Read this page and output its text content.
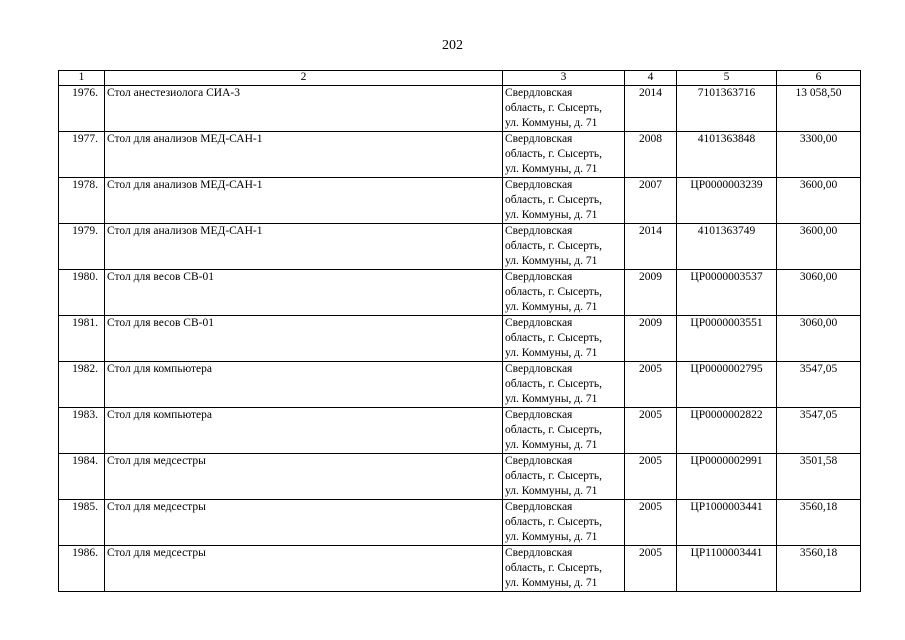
202
1	2	3	4	5	6
1976.	Стол анестезиолога СИА-3	Свердловская
область, г. Сысерть,
ул. Коммуны, д. 71	2014	7101363716	13 058,50
1977.	Стол для анализов МЕД-САН-1	Свердловская
область, г. Сысерть,
ул. Коммуны, д. 71	2008	4101363848	3300,00
1978.	Стол для анализов МЕД-САН-1	Свердловская
область, г. Сысерть,
ул. Коммуны, д. 71	2007	ЦР0000003239	3600,00
1979.	Стол для анализов МЕД-САН-1	Свердловская
область, г. Сысерть,
ул. Коммуны, д. 71	2014	4101363749	3600,00
1980.	Стол для весов СВ-01	Свердловская
область, г. Сысерть,
ул. Коммуны, д. 71	2009	ЦР0000003537	3060,00
1981.	Стол для весов СВ-01	Свердловская
область, г. Сысерть,
ул. Коммуны, д. 71	2009	ЦР0000003551	3060,00
1982.	Стол для компьютера	Свердловская
область, г. Сысерть,
ул. Коммуны, д. 71	2005	ЦР0000002795	3547,05
1983.	Стол для компьютера	Свердловская
область, г. Сысерть,
ул. Коммуны, д. 71	2005	ЦР0000002822	3547,05
1984.	Стол для медсестры	Свердловская
область, г. Сысерть,
ул. Коммуны, д. 71	2005	ЦР0000002991	3501,58
1985.	Стол для медсестры	Свердловская
область, г. Сысерть,
ул. Коммуны, д. 71	2005	ЦР1000003441	3560,18
1986.	Стол для медсестры	Свердловская
область, г. Сысерть,
ул. Коммуны, д. 71	2005	ЦР1100003441	3560,18
